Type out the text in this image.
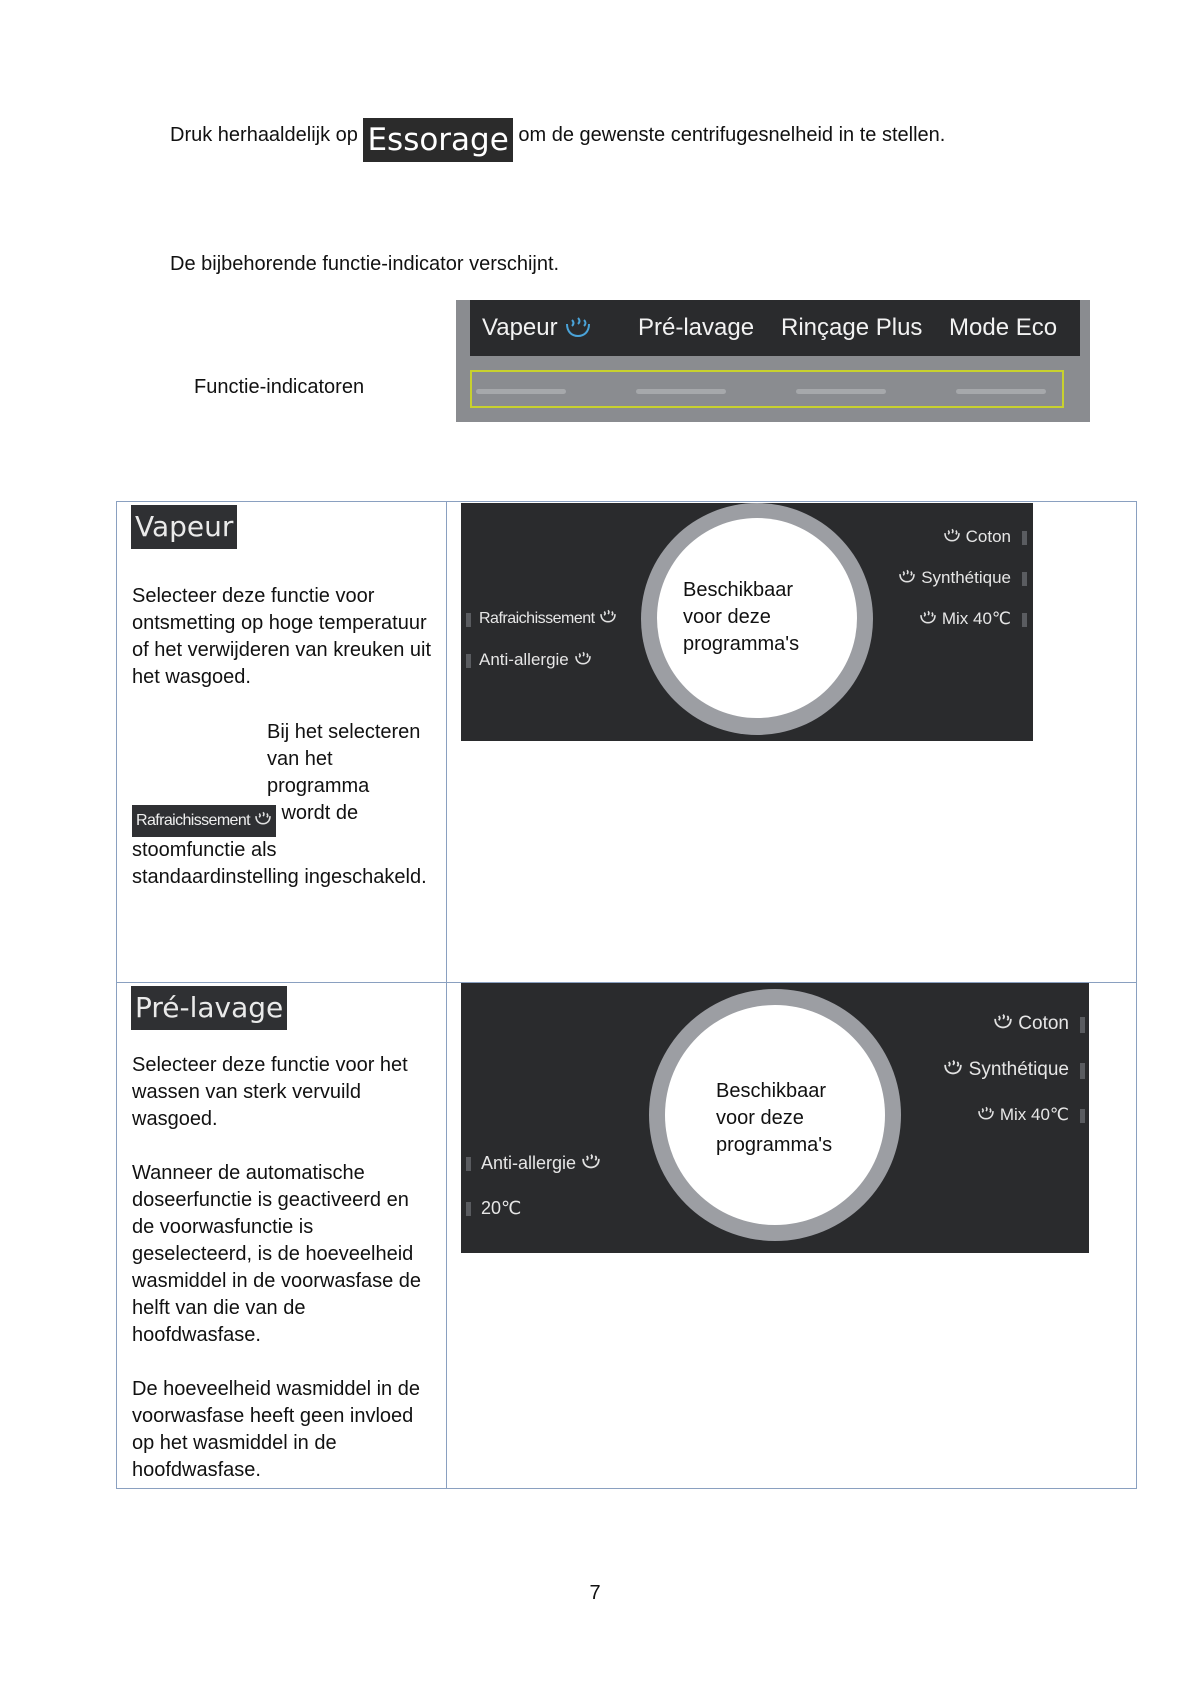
Druk herhaaldelijk op Essorage om de gewenste centrifugesnelheid in te stellen.
De bijbehorende functie-indicator verschijnt.
Functie-indicatoren
Vapeur	Pré-lavage Rinçage Plus Mode Eco
Vapeur
Selecteer deze functie voor ontsmetting op hoge temperatuur of het verwijderen van kreuken uit het wasgoed.
Bij het selecteren van het programma
Rafraichissement wordt de stoomfunctie als standaardinstelling ingeschakeld.
Rafraichissement
Anti-allergie
Coton
Synthétique
Mix 40℃
Beschikbaar
voor deze
programma's
Pré-lavage
Selecteer deze functie voor het wassen van sterk vervuild wasgoed.
Wanneer de automatische doseerfunctie is geactiveerd en de voorwasfunctie is geselecteerd, is de hoeveelheid wasmiddel in de voorwasfase de helft van die van de hoofdwasfase.
De hoeveelheid wasmiddel in de voorwasfase heeft geen invloed op het wasmiddel in de hoofdwasfase.
Anti-allergie
20℃
Coton
Synthétique
Mix 40℃
Beschikbaar
voor deze
programma's
7
